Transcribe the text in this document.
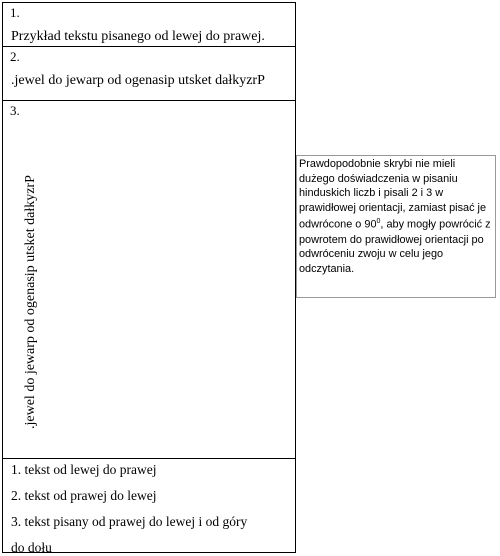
1.
Przykład tekstu pisanego od lewej do prawej.
2.
.jewel do jewarp od ogenasip utsket dałkyzrP
3.
.jewel do jewarp od ogenasip utsket dałkyzrP
1. tekst od lewej do prawej
2. tekst od prawej do lewej
3. tekst pisany od prawej do lewej i od góry
do dołu
Prawdopodobnie skrybi nie mieli dużego doświadczenia w pisaniu hinduskich liczb i pisali 2 i 3 w prawidłowej orientacji, zamiast pisać je odwrócone o $90^0$, aby mogły powrócić z powrotem do prawidłowej orientacji po odwróceniu zwoju w celu jego odczytania.
